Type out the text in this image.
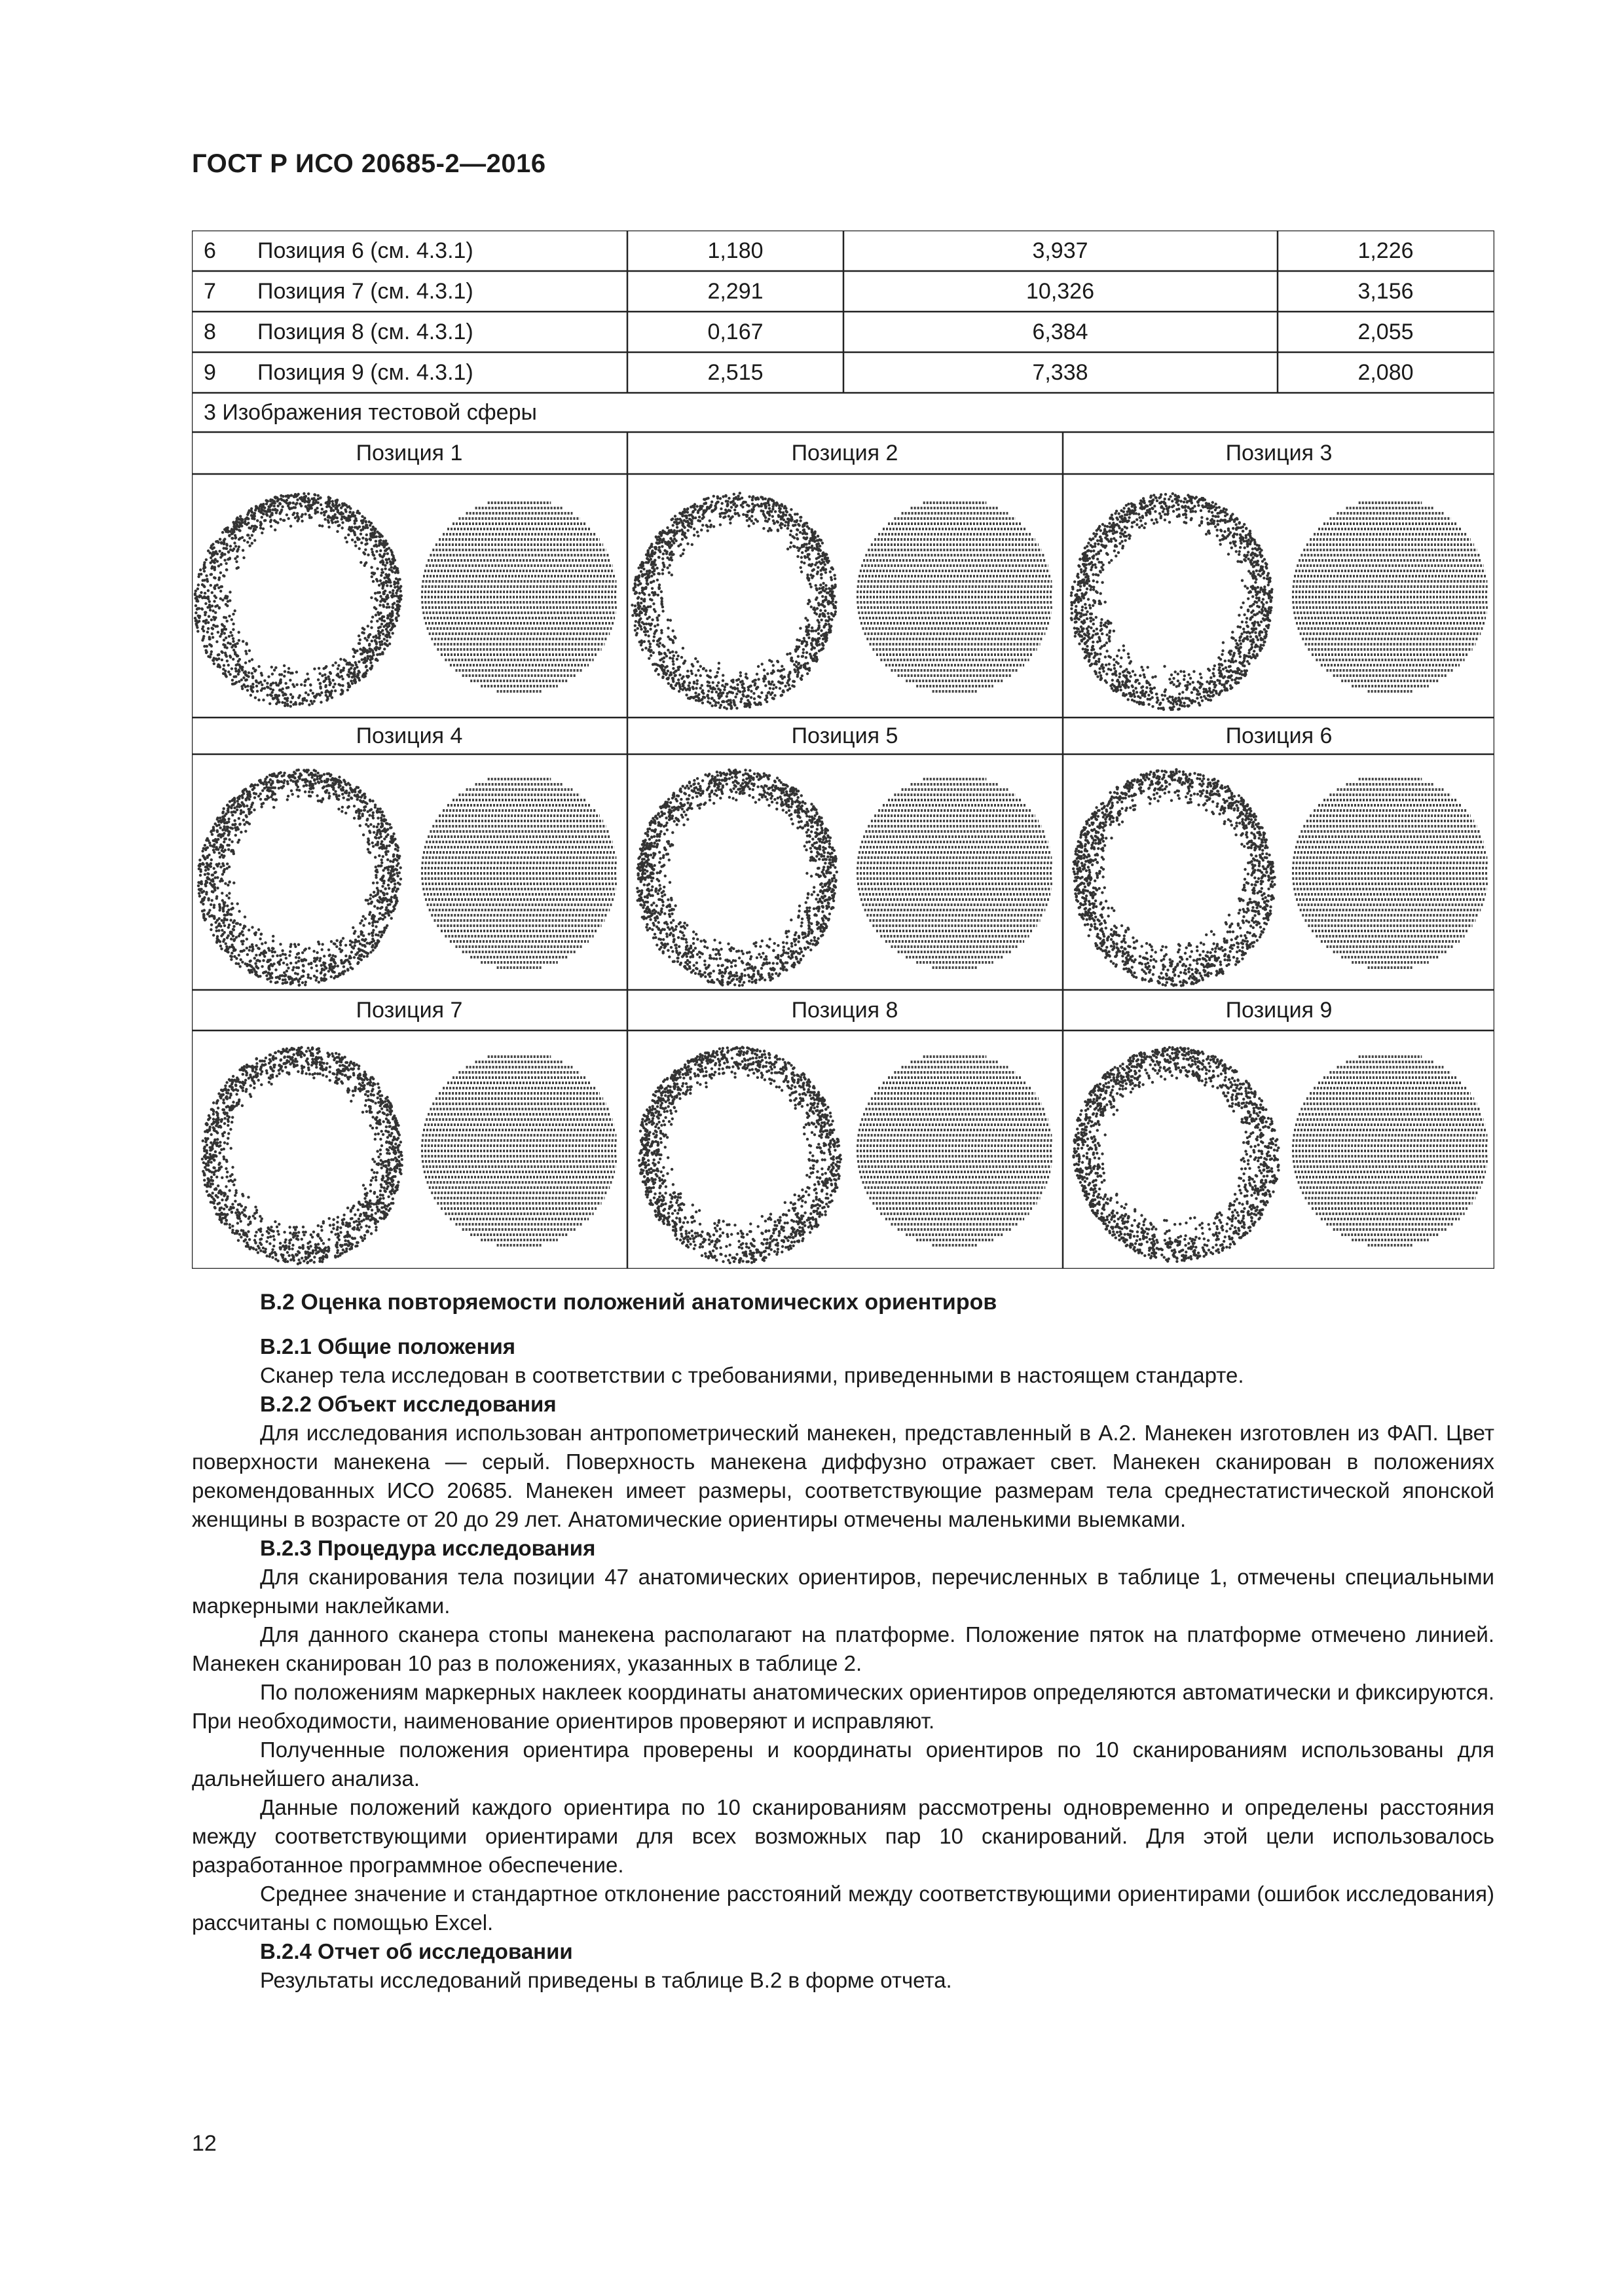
ГОСТ Р ИСО 20685-2—2016
6 Позиция 6 (см. 4.3.1)	1,180	3,937	1,226
7 Позиция 7 (см. 4.3.1)	2,291	10,326	3,156
8 Позиция 8 (см. 4.3.1)	0,167	6,384	2,055
9 Позиция 9 (см. 4.3.1)	2,515	7,338	2,080
3 Изображения тестовой сферы
Позиция 1	Позиция 2	Позиция 3
Позиция 4	Позиция 5	Позиция 6
Позиция 7	Позиция 8	Позиция 9
B.2 Оценка повторяемости положений анатомических ориентиров

B.2.1 Общие положения

Сканер тела исследован в соответствии с требованиями, приведенными в настоящем стандарте.

B.2.2 Объект исследования

Для исследования использован антропометрический манекен, представленный в А.2. Манекен изготовлен из ФАП. Цвет поверхности манекена — серый. Поверхность манекена диффузно отражает свет. Манекен сканирован в положениях рекомендованных ИСО 20685. Манекен имеет размеры, соответствующие размерам тела среднестатистической японской женщины в возрасте от 20 до 29 лет. Анатомические ориентиры отмечены маленькими выемками.

B.2.3 Процедура исследования

Для сканирования тела позиции 47 анатомических ориентиров, перечисленных в таблице 1, отмечены специальными маркерными наклейками.

Для данного сканера стопы манекена располагают на платформе. Положение пяток на платформе отмечено линией. Манекен сканирован 10 раз в положениях, указанных в таблице 2.

По положениям маркерных наклеек координаты анатомических ориентиров определяются автоматически и фиксируются. При необходимости, наименование ориентиров проверяют и исправляют.

Полученные положения ориентира проверены и координаты ориентиров по 10 сканированиям использованы для дальнейшего анализа.

Данные положений каждого ориентира по 10 сканированиям рассмотрены одновременно и определены расстояния между соответствующими ориентирами для всех возможных пар 10 сканирований. Для этой цели использовалось разработанное программное обеспечение.

Среднее значение и стандартное отклонение расстояний между соответствующими ориентирами (ошибок исследования) рассчитаны с помощью Excel.

B.2.4 Отчет об исследовании

Результаты исследований приведены в таблице B.2 в форме отчета.

12
